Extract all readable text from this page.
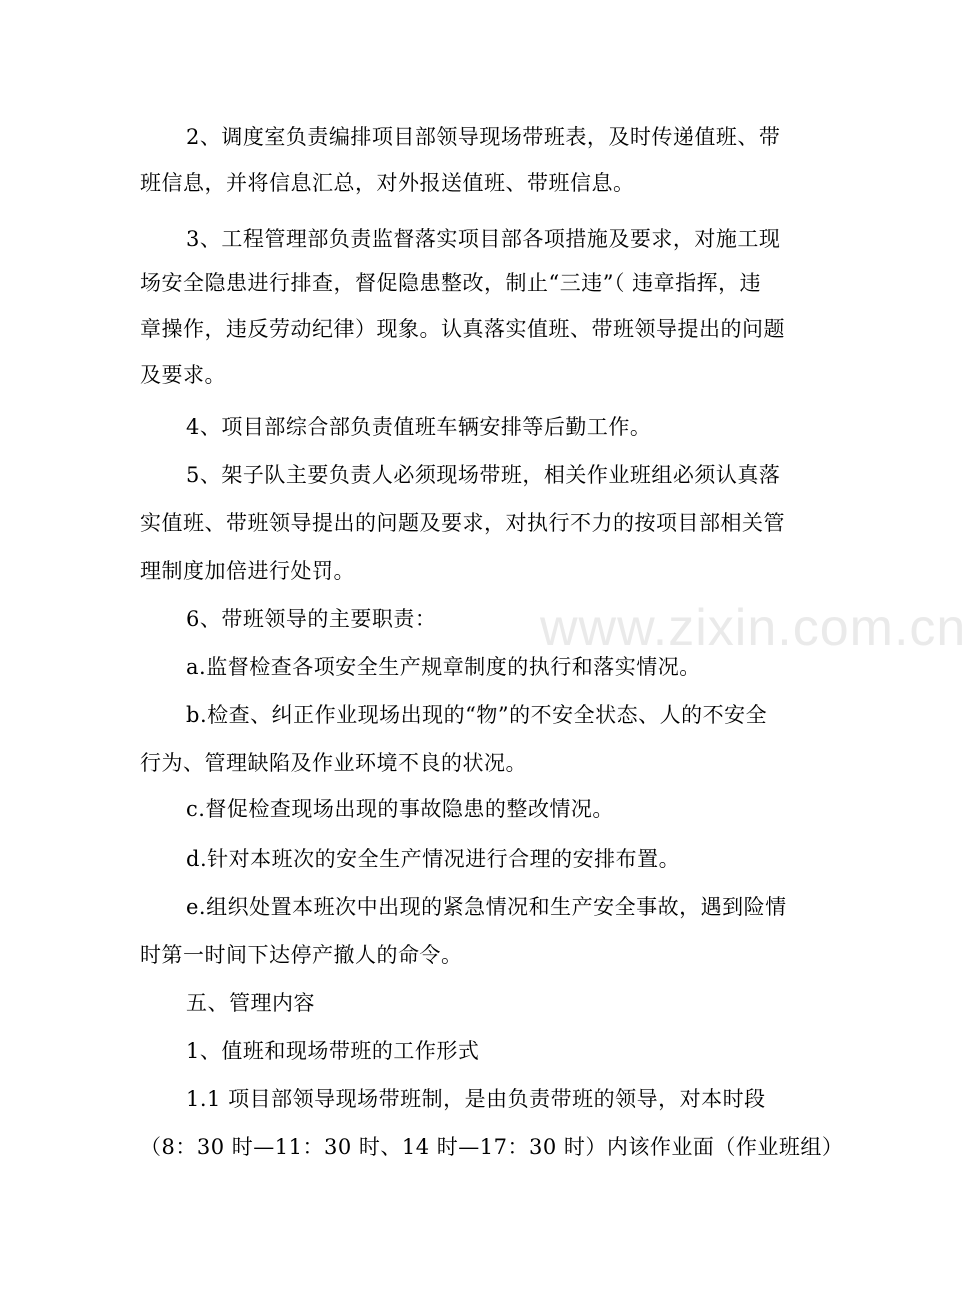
2、调度室负责编排项目部领导现场带班表，及时传递值班、带
班信息，并将信息汇总，对外报送值班、带班信息。
3、工程管理部负责监督落实项目部各项措施及要求，对施工现
场安全隐患进行排查，督促隐患整改，制止“三违”（ 违章指挥，违
章操作，违反劳动纪律）现象。认真落实值班、带班领导提出的问题
及要求。
4、项目部综合部负责值班车辆安排等后勤工作。
5、架子队主要负责人必须现场带班，相关作业班组必须认真落
实值班、带班领导提出的问题及要求，对执行不力的按项目部相关管
理制度加倍进行处罚。
6、带班领导的主要职责：
a.监督检查各项安全生产规章制度的执行和落实情况。
b.检查、纠正作业现场出现的“物”的不安全状态、人的不安全
行为、管理缺陷及作业环境不良的状况。
c.督促检查现场出现的事故隐患的整改情况。
d.针对本班次的安全生产情况进行合理的安排布置。
e.组织处置本班次中出现的紧急情况和生产安全事故，遇到险情
时第一时间下达停产撤人的命令。
五、管理内容
1、值班和现场带班的工作形式
1.1 项目部领导现场带班制，是由负责带班的领导，对本时段
（8：30 时—11：30 时、14 时—17：30 时）内该作业面（作业班组）
www.zixin.com.cn
